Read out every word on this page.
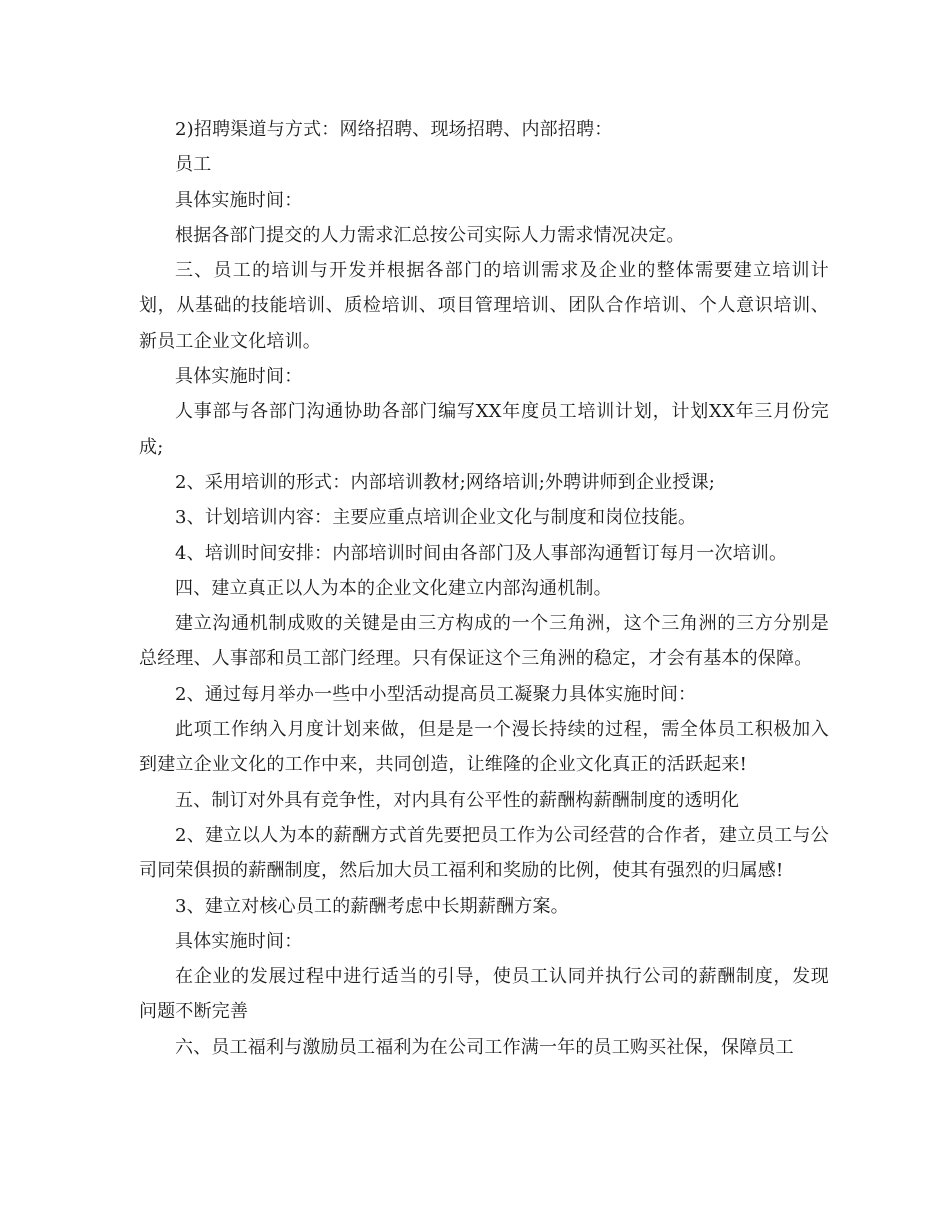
2)招聘渠道与方式：网络招聘、现场招聘、内部招聘：

员工

具体实施时间：

根据各部门提交的人力需求汇总按公司实际人力需求情况决定。

三、员工的培训与开发并根据各部门的培训需求及企业的整体需要建立培训计划，从基础的技能培训、质检培训、项目管理培训、团队合作培训、个人意识培训、新员工企业文化培训。

具体实施时间：

人事部与各部门沟通协助各部门编写XX年度员工培训计划，计划XX年三月份完成;

2、采用培训的形式：内部培训教材;网络培训;外聘讲师到企业授课;

3、计划培训内容：主要应重点培训企业文化与制度和岗位技能。

4、培训时间安排：内部培训时间由各部门及人事部沟通暂订每月一次培训。

四、建立真正以人为本的企业文化建立内部沟通机制。

建立沟通机制成败的关键是由三方构成的一个三角洲，这个三角洲的三方分别是总经理、人事部和员工部门经理。只有保证这个三角洲的稳定，才会有基本的保障。

2、通过每月举办一些中小型活动提高员工凝聚力具体实施时间：

此项工作纳入月度计划来做，但是是一个漫长持续的过程，需全体员工积极加入到建立企业文化的工作中来，共同创造，让维隆的企业文化真正的活跃起来!

五、制订对外具有竞争性，对内具有公平性的薪酬构薪酬制度的透明化

2、建立以人为本的薪酬方式首先要把员工作为公司经营的合作者，建立员工与公司同荣俱损的薪酬制度，然后加大员工福利和奖励的比例，使其有强烈的归属感!

3、建立对核心员工的薪酬考虑中长期薪酬方案。

具体实施时间：

在企业的发展过程中进行适当的引导，使员工认同并执行公司的薪酬制度，发现问题不断完善

六、员工福利与激励员工福利为在公司工作满一年的员工购买社保，保障员工
